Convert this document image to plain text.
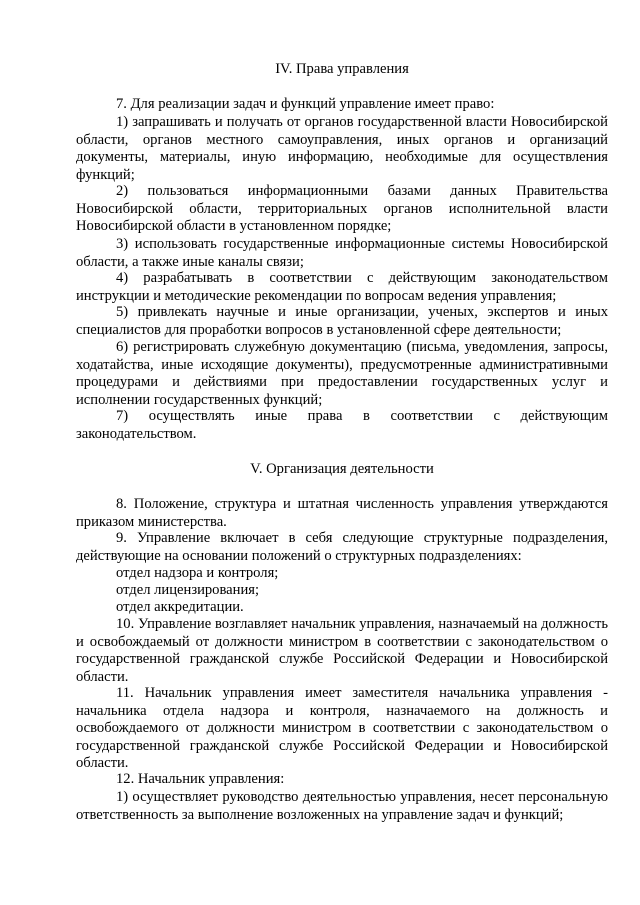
IV. Права управления
7. Для реализации задач и функций управление имеет право:
1) запрашивать и получать от органов государственной власти Новосибирской области, органов местного самоуправления, иных органов и организаций документы, материалы, иную информацию, необходимые для осуществления функций;
2) пользоваться информационными базами данных Правительства Новосибирской области, территориальных органов исполнительной власти Новосибирской области в установленном порядке;
3) использовать государственные информационные системы Новосибирской области, а также иные каналы связи;
4) разрабатывать в соответствии с действующим законодательством инструкции и методические рекомендации по вопросам ведения управления;
5) привлекать научные и иные организации, ученых, экспертов и иных специалистов для проработки вопросов в установленной сфере деятельности;
6) регистрировать служебную документацию (письма, уведомления, запросы, ходатайства, иные исходящие документы), предусмотренные административными процедурами и действиями при предоставлении государственных услуг и исполнении государственных функций;
7) осуществлять иные права в соответствии с действующим законодательством.
V. Организация деятельности
8. Положение, структура и штатная численность управления утверждаются приказом министерства.
9. Управление включает в себя следующие структурные подразделения, действующие на основании положений о структурных подразделениях:
отдел надзора и контроля;
отдел лицензирования;
отдел аккредитации.
10. Управление возглавляет начальник управления, назначаемый на должность и освобождаемый от должности министром в соответствии с законодательством о государственной гражданской службе Российской Федерации и Новосибирской области.
11. Начальник управления имеет заместителя начальника управления - начальника отдела надзора и контроля, назначаемого на должность и освобождаемого от должности министром в соответствии с законодательством о государственной гражданской службе Российской Федерации и Новосибирской области.
12. Начальник управления:
1) осуществляет руководство деятельностью управления, несет персональную ответственность за выполнение возложенных на управление задач и функций;
